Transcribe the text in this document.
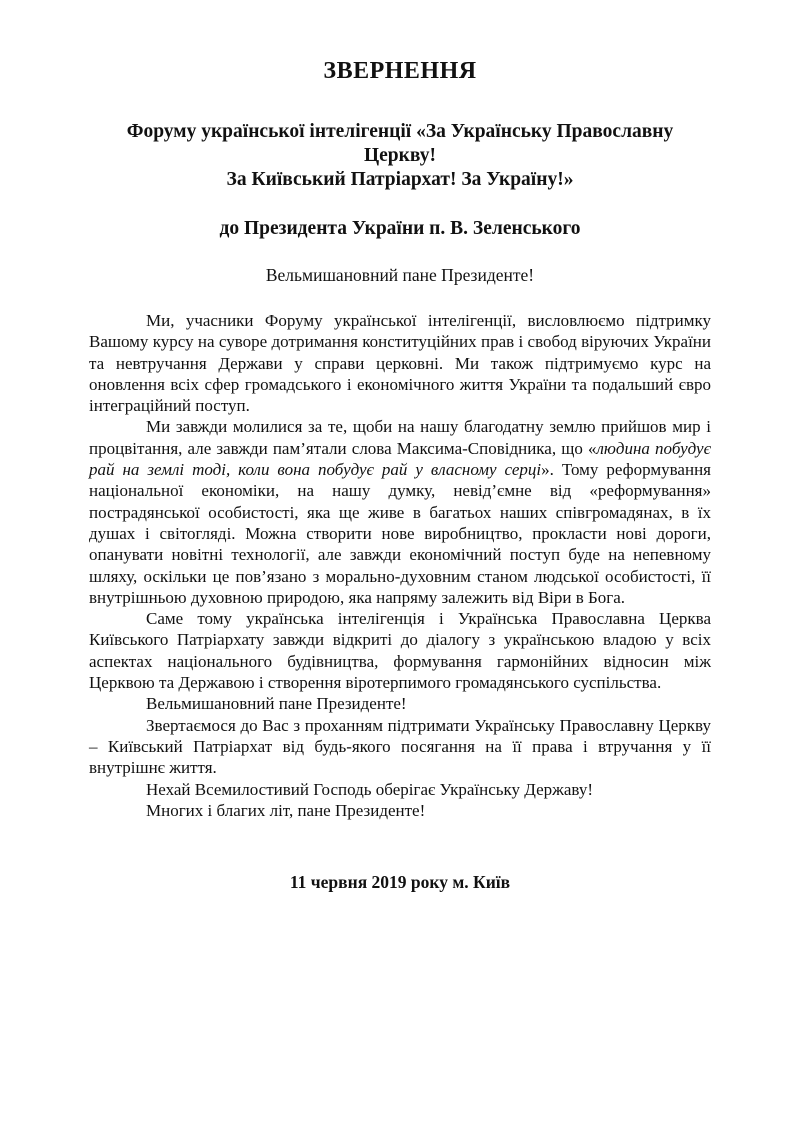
ЗВЕРНЕННЯ
Форуму української інтелігенції «За Українську Православну
Церкву!
За Київський Патріархат! За Україну!»
до Президента України п. В. Зеленського

Вельмишановний пане Президенте!

Ми, учасники Форуму української інтелігенції, висловлюємо підтримку Вашому курсу на суворе дотримання конституційних прав і свобод віруючих України та невтручання Держави у справи церковні. Ми також підтримуємо курс на оновлення всіх сфер громадського і економічного життя України та подальший євро інтеграційний поступ.

Ми завжди молилися за те, щоби на нашу благодатну землю прийшов мир і процвітання, але завжди пам’ятали слова Максима-Сповідника, що «людина побудує рай на землі тоді, коли вона побудує рай у власному серці». Тому реформування національної економіки, на нашу думку, невід’ємне від «реформування» пострадянської особистості, яка ще живе в багатьох наших співгромадянах, в їх душах і світогляді. Можна створити нове виробництво, прокласти нові дороги, опанувати новітні технології, але завжди економічний поступ буде на непевному шляху, оскільки це пов’язано з морально-духовним станом людської особистості, її внутрішньою духовною природою, яка напряму залежить від Віри в Бога.

Саме тому українська інтелігенція і Українська Православна Церква Київського Патріархату завжди відкриті до діалогу з українською владою у всіх аспектах національного будівництва, формування гармонійних відносин між Церквою та Державою і створення віротерпимого громадянського суспільства.

Вельмишановний пане Президенте!

Звертаємося до Вас з проханням підтримати Українську Православну Церкву – Київський Патріархат від будь-якого посягання на її права і втручання у її внутрішнє життя.

Нехай Всемилостивий Господь оберігає Українську Державу!

Многих і благих літ, пане Президенте!

11 червня 2019 року м. Київ
